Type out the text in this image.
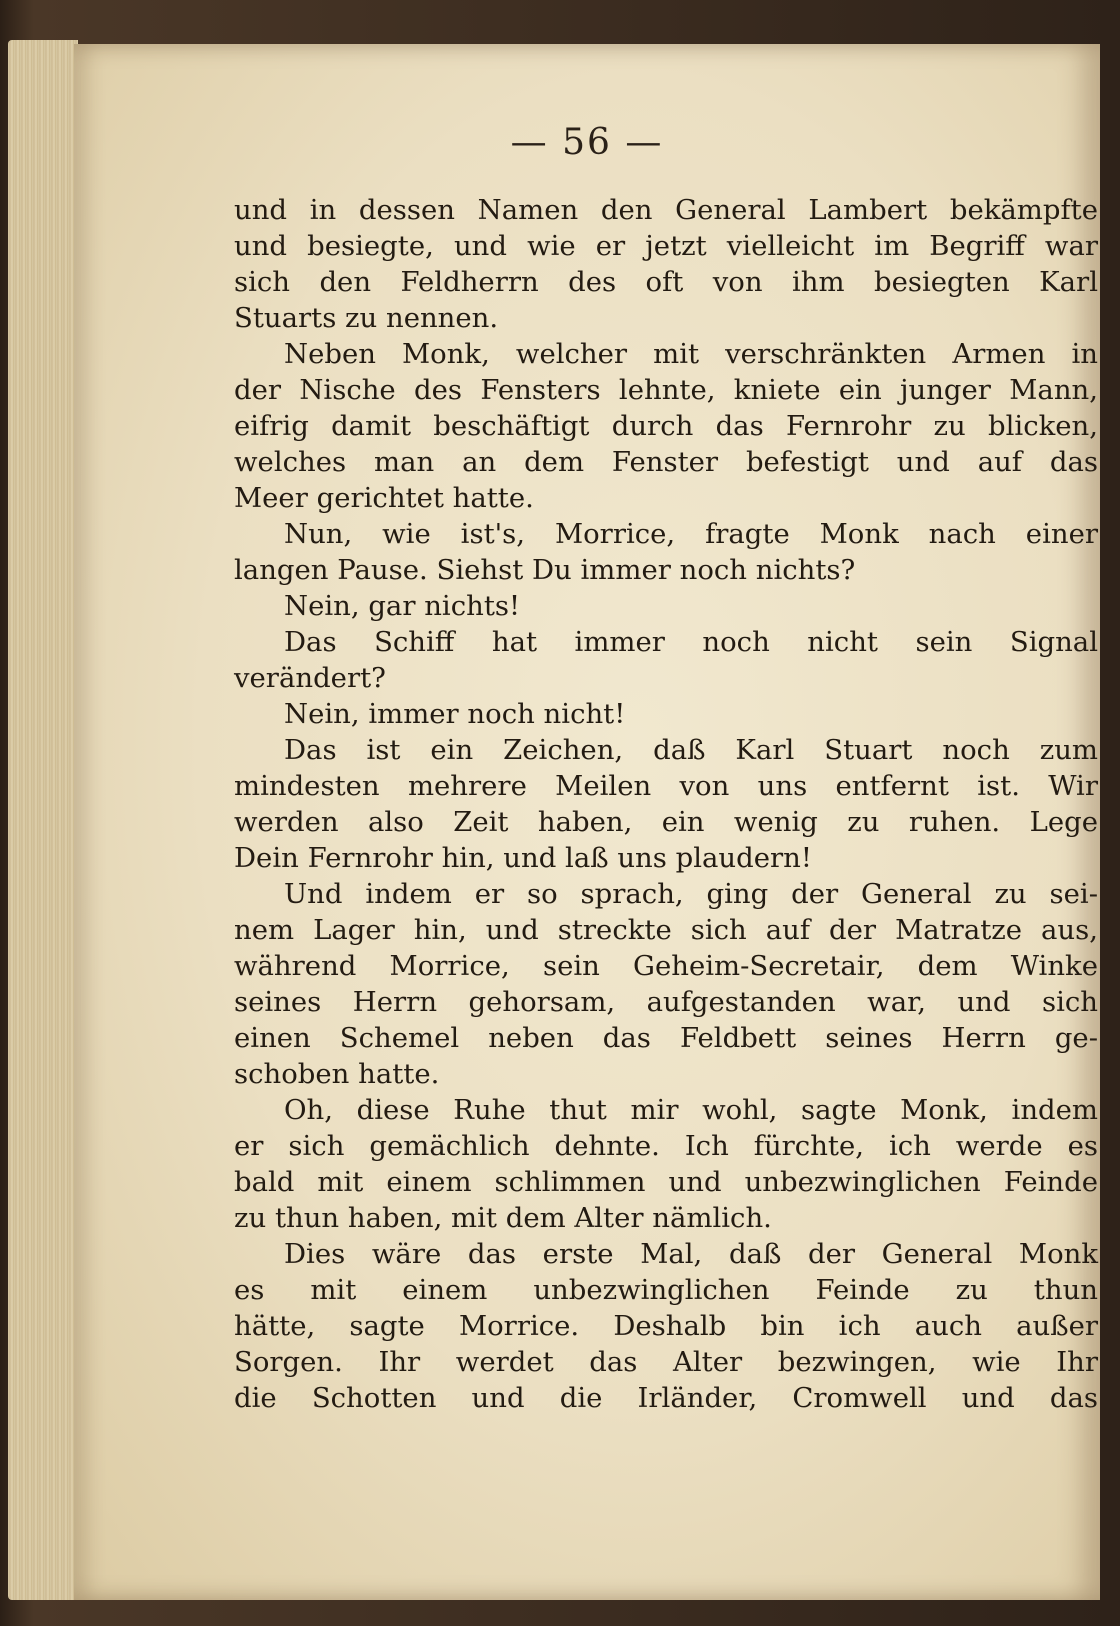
— 56 —
und in dessen Namen den General Lambert bekämpfte
und besiegte, und wie er jetzt vielleicht im Begriff war
sich den Feldherrn des oft von ihm besiegten Karl
Stuarts zu nennen.
Neben Monk, welcher mit verschränkten Armen in
der Nische des Fensters lehnte, kniete ein junger Mann,
eifrig damit beschäftigt durch das Fernrohr zu blicken,
welches man an dem Fenster befestigt und auf das
Meer gerichtet hatte.
Nun, wie ist's, Morrice, fragte Monk nach einer
langen Pause. Siehst Du immer noch nichts?
Nein, gar nichts!
Das Schiff hat immer noch nicht sein Signal
verändert?
Nein, immer noch nicht!
Das ist ein Zeichen, daß Karl Stuart noch zum
mindesten mehrere Meilen von uns entfernt ist. Wir
werden also Zeit haben, ein wenig zu ruhen. Lege
Dein Fernrohr hin, und laß uns plaudern!
Und indem er so sprach, ging der General zu sei-
nem Lager hin, und streckte sich auf der Matratze aus,
während Morrice, sein Geheim-Secretair, dem Winke
seines Herrn gehorsam, aufgestanden war, und sich
einen Schemel neben das Feldbett seines Herrn ge-
schoben hatte.
Oh, diese Ruhe thut mir wohl, sagte Monk, indem
er sich gemächlich dehnte. Ich fürchte, ich werde es
bald mit einem schlimmen und unbezwinglichen Feinde
zu thun haben, mit dem Alter nämlich.
Dies wäre das erste Mal, daß der General Monk
es mit einem unbezwinglichen Feinde zu thun
hätte, sagte Morrice. Deshalb bin ich auch außer
Sorgen. Ihr werdet das Alter bezwingen, wie Ihr
die Schotten und die Irländer, Cromwell und das
